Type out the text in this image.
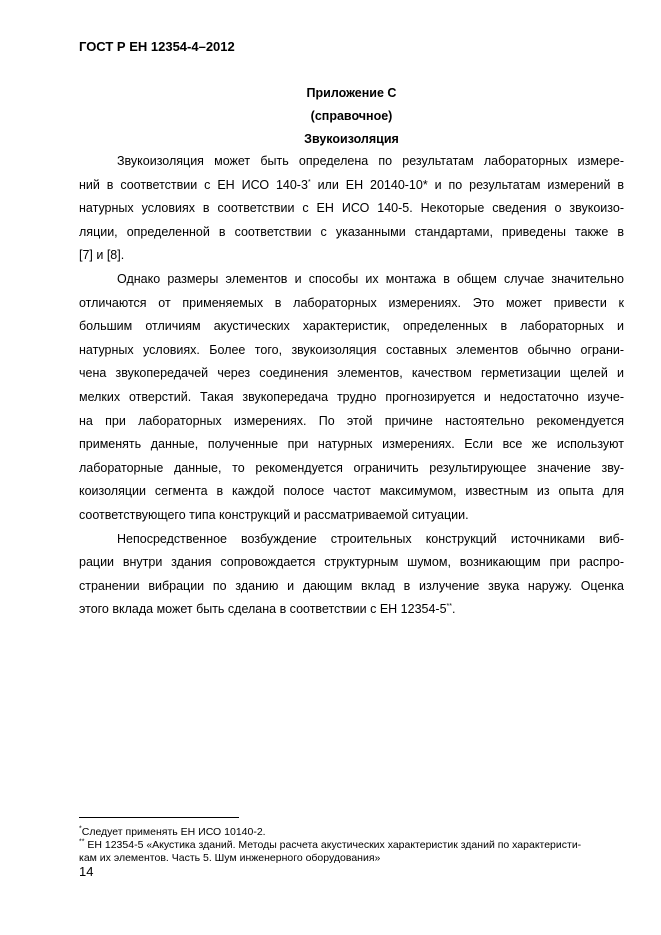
ГОСТ Р ЕН 12354-4–2012
Приложение С
(справочное)
Звукоизоляция
Звукоизоляция может быть определена по результатам лабораторных измере-
ний в соответствии с ЕН ИСО 140-3* или ЕН 20140-10* и по результатам измерений в
натурных условиях в соответствии с ЕН ИСО 140-5. Некоторые сведения о звукоизо-
ляции, определенной в соответствии с указанными стандартами, приведены также в
[7] и [8].
Однако размеры элементов и способы их монтажа в общем случае значительно
отличаются от применяемых в лабораторных измерениях. Это может привести к
большим отличиям акустических характеристик, определенных в лабораторных и
натурных условиях. Более того, звукоизоляция составных элементов обычно ограни-
чена звукопередачей через соединения элементов, качеством герметизации щелей и
мелких отверстий. Такая звукопередача трудно прогнозируется и недостаточно изуче-
на при лабораторных измерениях. По этой причине настоятельно рекомендуется
применять данные, полученные при натурных измерениях. Если все же используют
лабораторные данные, то рекомендуется ограничить результирующее значение зву-
коизоляции сегмента в каждой полосе частот максимумом, известным из опыта для
соответствующего типа конструкций и рассматриваемой ситуации.
Непосредственное возбуждение строительных конструкций источниками виб-
рации внутри здания сопровождается структурным шумом, возникающим при распро-
странении вибрации по зданию и дающим вклад в излучение звука наружу. Оценка
этого вклада может быть сделана в соответствии с ЕН 12354-5**.
*Следует применять ЕН ИСО 10140-2.
** ЕН 12354-5 «Акустика зданий. Методы расчета акустических характеристик зданий по характеристи-
кам их элементов. Часть 5. Шум инженерного оборудования»
14
